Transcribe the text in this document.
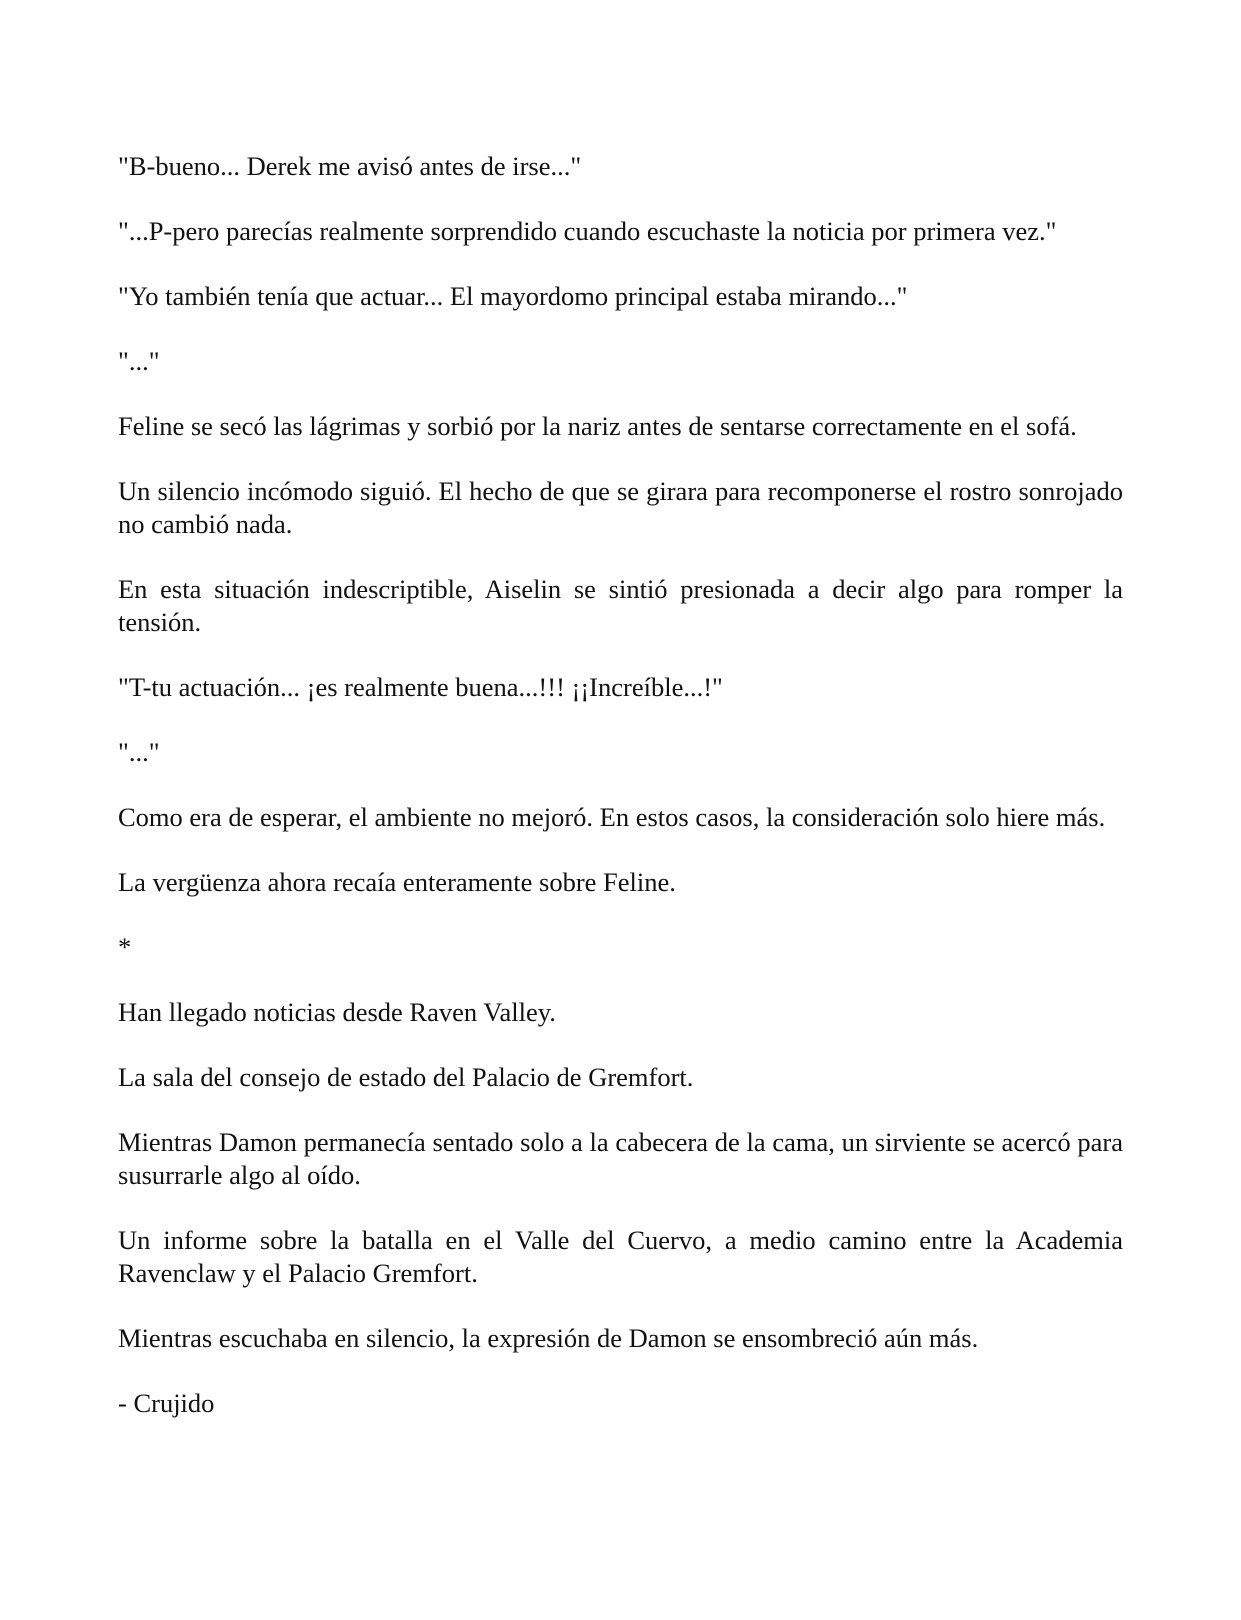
"B-bueno... Derek me avisó antes de irse..."

"...P-pero parecías realmente sorprendido cuando escuchaste la noticia por primera vez."

"Yo también tenía que actuar... El mayordomo principal estaba mirando..."

"..."

Feline se secó las lágrimas y sorbió por la nariz antes de sentarse correctamente en el sofá.

Un silencio incómodo siguió. El hecho de que se girara para recomponerse el rostro sonrojado no cambió nada.

En esta situación indescriptible, Aiselin se sintió presionada a decir algo para romper la tensión.

"T-tu actuación... ¡es realmente buena...!!! ¡¡Increíble...!"

"..."

Como era de esperar, el ambiente no mejoró. En estos casos, la consideración solo hiere más.

La vergüenza ahora recaía enteramente sobre Feline.

*

Han llegado noticias desde Raven Valley.

La sala del consejo de estado del Palacio de Gremfort.

Mientras Damon permanecía sentado solo a la cabecera de la cama, un sirviente se acercó para susurrarle algo al oído.

Un informe sobre la batalla en el Valle del Cuervo, a medio camino entre la Academia Ravenclaw y el Palacio Gremfort.

Mientras escuchaba en silencio, la expresión de Damon se ensombreció aún más.

- Crujido
